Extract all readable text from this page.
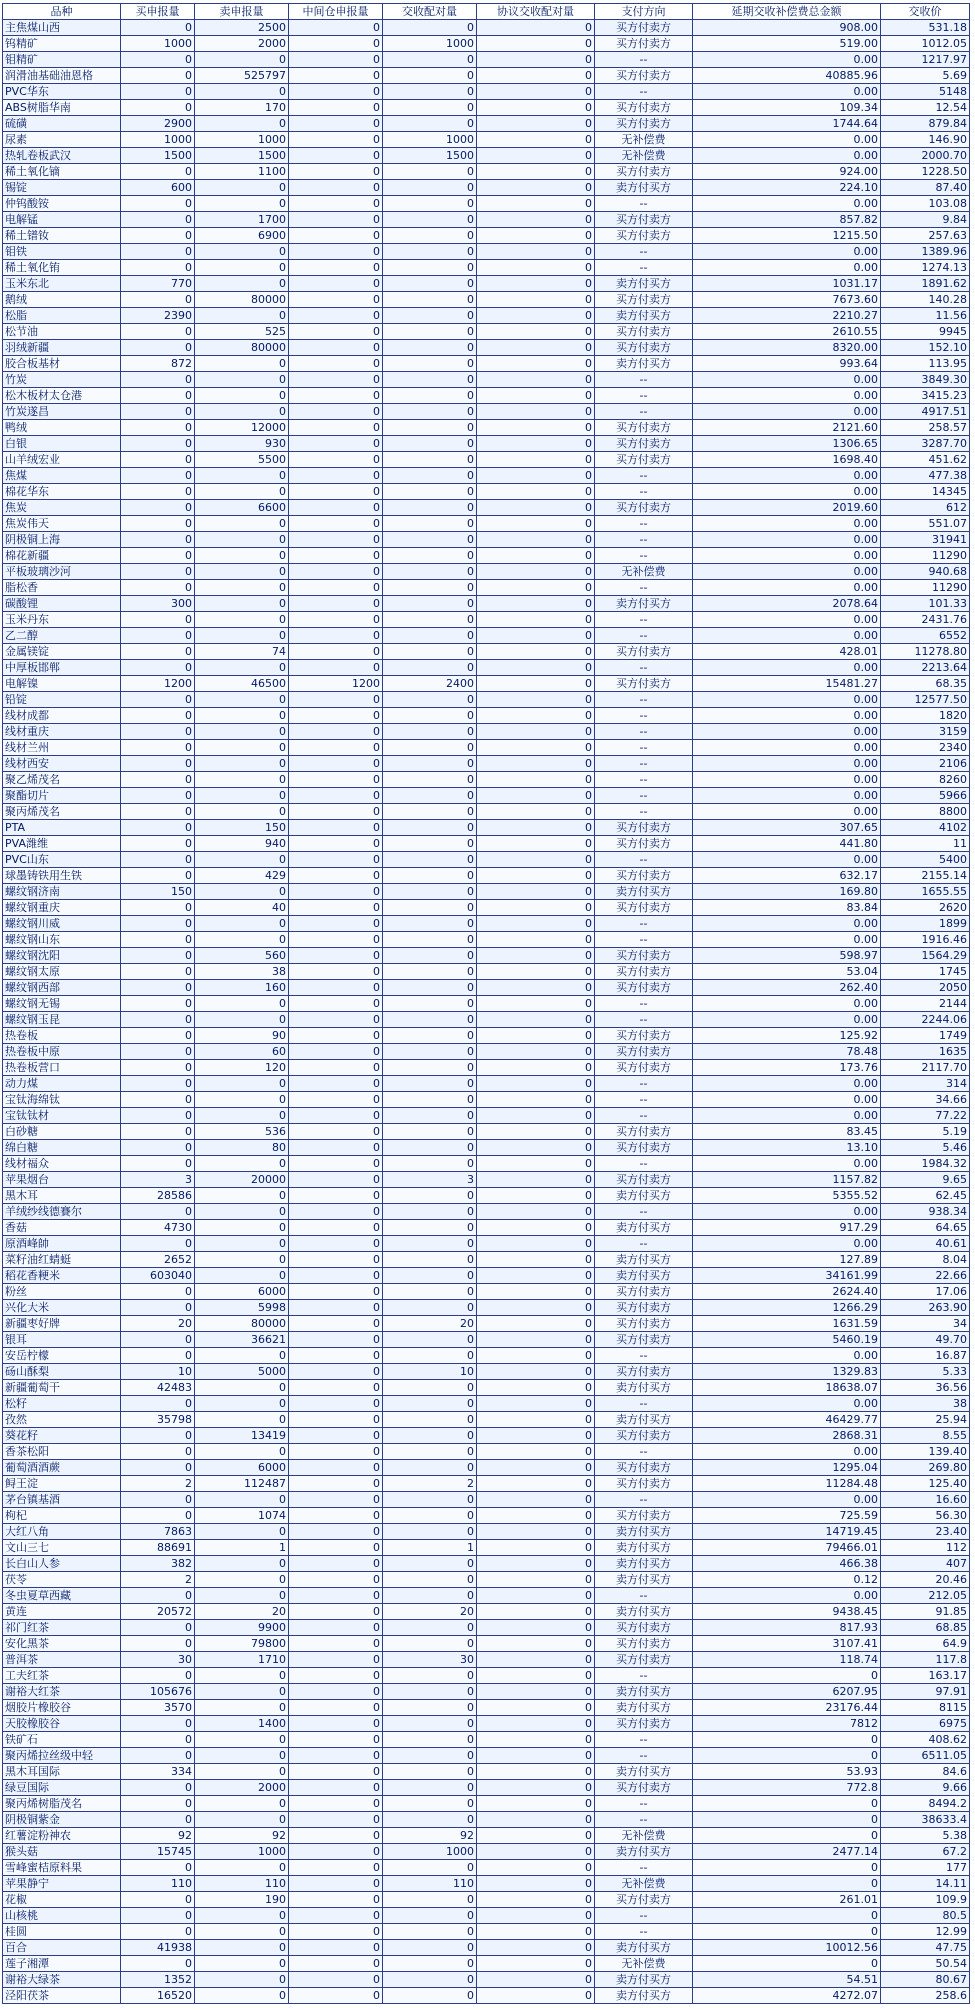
品种	买申报量	卖申报量	中间仓申报量	交收配对量	协议交收配对量	支付方向	延期交收补偿费总金额	交收价
主焦煤山西	0	2500	0	0	0	买方付卖方	908.00	531.18
钨精矿	1000	2000	0	1000	0	买方付卖方	519.00	1012.05
钼精矿	0	0	0	0	0	--	0.00	1217.97
润滑油基础油恩格	0	525797	0	0	0	买方付卖方	40885.96	5.69
PVC华东	0	0	0	0	0	--	0.00	5148
ABS树脂华南	0	170	0	0	0	买方付卖方	109.34	12.54
硫磺	2900	0	0	0	0	买方付卖方	1744.64	879.84
尿素	1000	1000	0	1000	0	无补偿费	0.00	146.90
热轧卷板武汉	1500	1500	0	1500	0	无补偿费	0.00	2000.70
稀土氧化镝	0	1100	0	0	0	买方付卖方	924.00	1228.50
锡锭	600	0	0	0	0	卖方付买方	224.10	87.40
仲钨酸铵	0	0	0	0	0	--	0.00	103.08
电解锰	0	1700	0	0	0	买方付卖方	857.82	9.84
稀土镨钕	0	6900	0	0	0	买方付卖方	1215.50	257.63
钼铁	0	0	0	0	0	--	0.00	1389.96
稀土氧化铕	0	0	0	0	0	--	0.00	1274.13
玉米东北	770	0	0	0	0	卖方付买方	1031.17	1891.62
鹅绒	0	80000	0	0	0	买方付卖方	7673.60	140.28
松脂	2390	0	0	0	0	卖方付买方	2210.27	11.56
松节油	0	525	0	0	0	买方付卖方	2610.55	9945
羽绒新疆	0	80000	0	0	0	买方付卖方	8320.00	152.10
胶合板基材	872	0	0	0	0	卖方付买方	993.64	113.95
竹炭	0	0	0	0	0	--	0.00	3849.30
松木板材太仓港	0	0	0	0	0	--	0.00	3415.23
竹炭遂昌	0	0	0	0	0	--	0.00	4917.51
鸭绒	0	12000	0	0	0	买方付卖方	2121.60	258.57
白银	0	930	0	0	0	买方付卖方	1306.65	3287.70
山羊绒宏业	0	5500	0	0	0	买方付卖方	1698.40	451.62
焦煤	0	0	0	0	0	--	0.00	477.38
棉花华东	0	0	0	0	0	--	0.00	14345
焦炭	0	6600	0	0	0	买方付卖方	2019.60	612
焦炭伟天	0	0	0	0	0	--	0.00	551.07
阴极铜上海	0	0	0	0	0	--	0.00	31941
棉花新疆	0	0	0	0	0	--	0.00	11290
平板玻璃沙河	0	0	0	0	0	无补偿费	0.00	940.68
脂松香	0	0	0	0	0	--	0.00	11290
碳酸锂	300	0	0	0	0	卖方付买方	2078.64	101.33
玉米丹东	0	0	0	0	0	--	0.00	2431.76
乙二醇	0	0	0	0	0	--	0.00	6552
金属镁锭	0	74	0	0	0	买方付卖方	428.01	11278.80
中厚板邯郸	0	0	0	0	0	--	0.00	2213.64
电解镍	1200	46500	1200	2400	0	买方付卖方	15481.27	68.35
铅锭	0	0	0	0	0	--	0.00	12577.50
线材成都	0	0	0	0	0	--	0.00	1820
线材重庆	0	0	0	0	0	--	0.00	3159
线材兰州	0	0	0	0	0	--	0.00	2340
线材西安	0	0	0	0	0	--	0.00	2106
聚乙烯茂名	0	0	0	0	0	--	0.00	8260
聚酯切片	0	0	0	0	0	--	0.00	5966
聚丙烯茂名	0	0	0	0	0	--	0.00	8800
PTA	0	150	0	0	0	买方付卖方	307.65	4102
PVA潍维	0	940	0	0	0	买方付卖方	441.80	11
PVC山东	0	0	0	0	0	--	0.00	5400
球墨铸铁用生铁	0	429	0	0	0	买方付卖方	632.17	2155.14
螺纹钢济南	150	0	0	0	0	卖方付买方	169.80	1655.55
螺纹钢重庆	0	40	0	0	0	买方付卖方	83.84	2620
螺纹钢川威	0	0	0	0	0	--	0.00	1899
螺纹钢山东	0	0	0	0	0	--	0.00	1916.46
螺纹钢沈阳	0	560	0	0	0	买方付卖方	598.97	1564.29
螺纹钢太原	0	38	0	0	0	买方付卖方	53.04	1745
螺纹钢西部	0	160	0	0	0	买方付卖方	262.40	2050
螺纹钢无锡	0	0	0	0	0	--	0.00	2144
螺纹钢玉昆	0	0	0	0	0	--	0.00	2244.06
热卷板	0	90	0	0	0	买方付卖方	125.92	1749
热卷板中原	0	60	0	0	0	买方付卖方	78.48	1635
热卷板营口	0	120	0	0	0	买方付卖方	173.76	2117.70
动力煤	0	0	0	0	0	--	0.00	314
宝钛海绵钛	0	0	0	0	0	--	0.00	34.66
宝钛钛材	0	0	0	0	0	--	0.00	77.22
白砂糖	0	536	0	0	0	买方付卖方	83.45	5.19
绵白糖	0	80	0	0	0	买方付卖方	13.10	5.46
线材福众	0	0	0	0	0	--	0.00	1984.32
苹果烟台	3	20000	0	3	0	买方付卖方	1157.82	9.65
黑木耳	28586	0	0	0	0	卖方付买方	5355.52	62.45
羊绒纱线德賽尔	0	0	0	0	0	--	0.00	938.34
香菇	4730	0	0	0	0	卖方付买方	917.29	64.65
原酒峰帥	0	0	0	0	0	--	0.00	40.61
菜籽油红蜻蜓	2652	0	0	0	0	卖方付买方	127.89	8.04
稻花香粳米	603040	0	0	0	0	卖方付买方	34161.99	22.66
粉丝	0	6000	0	0	0	买方付卖方	2624.40	17.06
兴化大米	0	5998	0	0	0	买方付卖方	1266.29	263.90
新疆枣好牌	20	80000	0	20	0	买方付卖方	1631.59	34
银耳	0	36621	0	0	0	买方付卖方	5460.19	49.70
安岳柠檬	0	0	0	0	0	--	0.00	16.87
砀山酥梨	10	5000	0	10	0	买方付卖方	1329.83	5.33
新疆葡萄干	42483	0	0	0	0	卖方付买方	18638.07	36.56
松籽	0	0	0	0	0	--	0.00	38
孜然	35798	0	0	0	0	卖方付买方	46429.77	25.94
葵花籽	0	13419	0	0	0	买方付卖方	2868.31	8.55
香茶松阳	0	0	0	0	0	--	0.00	139.40
葡萄酒酒蕨	0	6000	0	0	0	买方付卖方	1295.04	269.80
鲟王淀	2	112487	0	2	0	买方付卖方	11284.48	125.40
茅台镇基酒	0	0	0	0	0	--	0.00	16.60
枸杞	0	1074	0	0	0	买方付卖方	725.59	56.30
大红八角	7863	0	0	0	0	卖方付买方	14719.45	23.40
文山三七	88691	1	0	1	0	卖方付买方	79466.01	112
长白山人参	382	0	0	0	0	卖方付买方	466.38	407
茯苓	2	0	0	0	0	卖方付买方	0.12	20.46
冬虫夏草西藏	0	0	0	0	0	--	0.00	212.05
黄连	20572	20	0	20	0	卖方付买方	9438.45	91.85
祁门红茶	0	9900	0	0	0	买方付卖方	817.93	68.85
安化黑茶	0	79800	0	0	0	买方付卖方	3107.41	64.9
普洱茶	30	1710	0	30	0	买方付卖方	118.74	117.8
工夫红茶	0	0	0	0	0	--	0	163.17
谢裕大红茶	105676	0	0	0	0	卖方付买方	6207.95	97.91
烟胶片橡胶谷	3570	0	0	0	0	卖方付买方	23176.44	8115
天胶橡胶谷	0	1400	0	0	0	买方付卖方	7812	6975
铁矿石	0	0	0	0	0	--	0	408.62
聚丙烯拉丝级中轻	0	0	0	0	0	--	0	6511.05
黑木耳国际	334	0	0	0	0	卖方付买方	53.93	84.6
绿豆国际	0	2000	0	0	0	买方付卖方	772.8	9.66
聚丙烯树脂茂名	0	0	0	0	0	--	0	8494.2
阴极铜紫金	0	0	0	0	0	--	0	38633.4
红薯淀粉神农	92	92	0	92	0	无补偿费	0	5.38
猴头菇	15745	1000	0	1000	0	卖方付买方	2477.14	67.2
雪峰蜜桔原料果	0	0	0	0	0	--	0	177
苹果静宁	110	110	0	110	0	无补偿费	0	14.11
花椒	0	190	0	0	0	买方付卖方	261.01	109.9
山核桃	0	0	0	0	0	--	0	80.5
桂圆	0	0	0	0	0	--	0	12.99
百合	41938	0	0	0	0	卖方付买方	10012.56	47.75
莲子湘潭	0	0	0	0	0	无补偿费	0	50.54
谢裕大绿茶	1352	0	0	0	0	卖方付买方	54.51	80.67
泾阳茯茶	16520	0	0	0	0	卖方付买方	4272.07	258.6
